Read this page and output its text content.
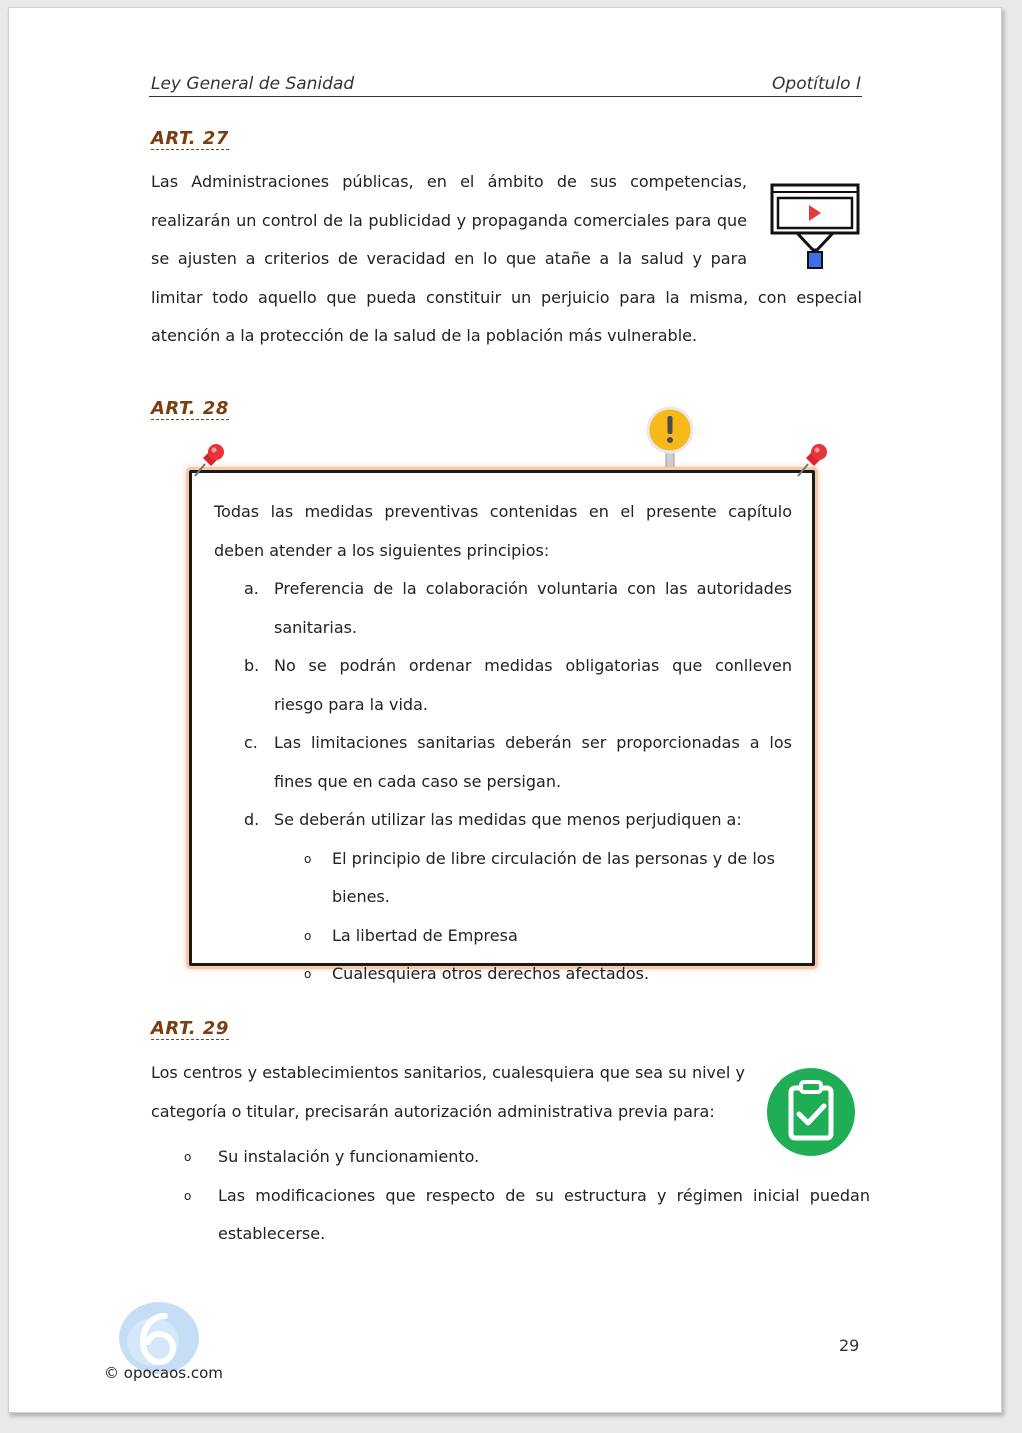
Ley General de Sanidad	Opotítulo I
ART. 27
Las Administraciones públicas, en el ámbito de sus competencias, realizarán un control de la publicidad y propaganda comerciales para que se ajusten a criterios de veracidad en lo que atañe a la salud y para
ART. 28
Todas las medidas preventivas contenidas en el presente capítulo deben atender a los siguientes principios:
a. Preferencia de la colaboración voluntaria con las autoridades sanitarias.
b. No se podrán ordenar medidas obligatorias que conlleven riesgo para la vida.
c.	Las limitaciones sanitarias deberán ser proporcionadas a los fines que en cada caso se persigan.
d. Se deberán utilizar las medidas que menos perjudiquen a:
o	El principio de libre circulación de las personas y de los bienes.
o	La libertad de Empresa
o	Cualesquiera otros derechos afectados.
ART. 29
Los centros y establecimientos sanitarios, cualesquiera que sea su nivel y categoría o titular, precisarán autorización administrativa previa para:
o	Su instalación y funcionamiento.
o	Las modificaciones que respecto de su estructura y régimen inicial puedan establecerse.
© opocaos.com
29
limitar todo aquello que pueda constituir un perjuicio para la misma, con especial atención a la protección de la salud de la población más vulnerable.
